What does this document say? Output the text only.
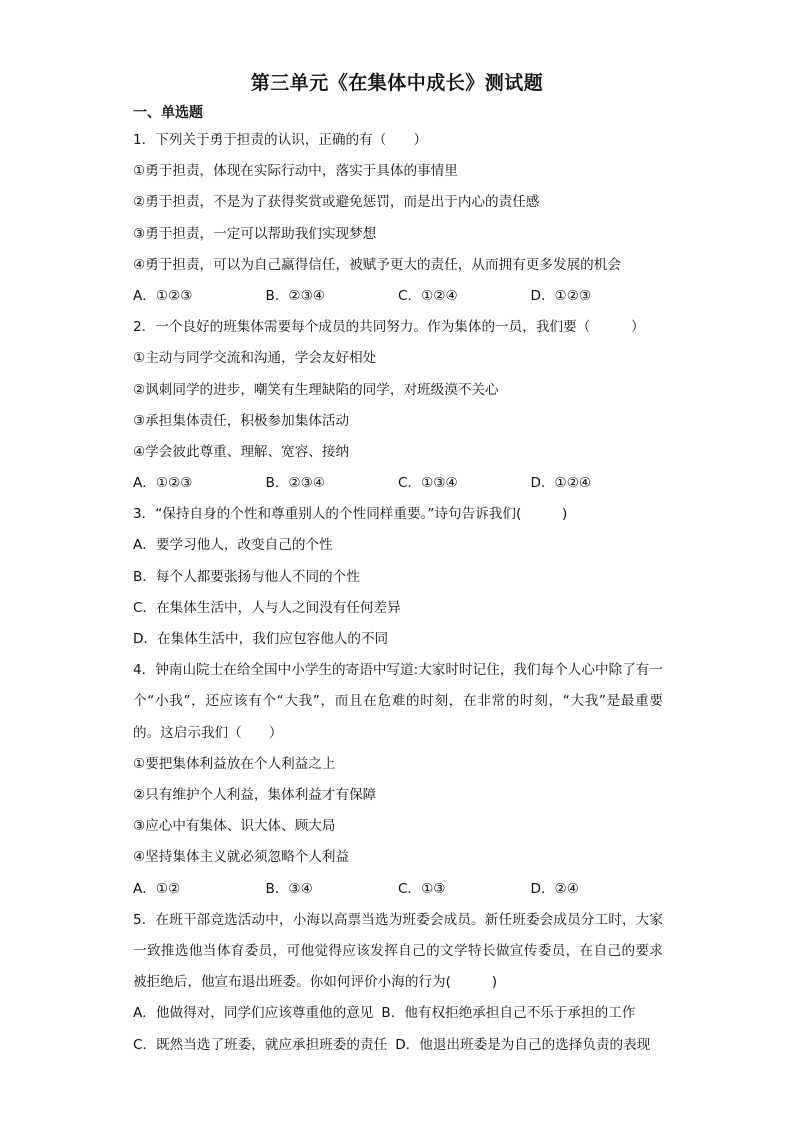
第三单元《在集体中成长》测试题
一、单选题
1．下列关于勇于担责的认识，正确的有（　　）
①勇于担责，体现在实际行动中，落实于具体的事情里
②勇于担责，不是为了获得奖赏或避免惩罚，而是出于内心的责任感
③勇于担责，一定可以帮助我们实现梦想
④勇于担责，可以为自己赢得信任，被赋予更大的责任，从而拥有更多发展的机会
A．①②③	B．②③④	C．①②④	D．①②③
2．一个良好的班集体需要每个成员的共同努力。作为集体的一员，我们要（　　　）
①主动与同学交流和沟通，学会友好相处
②讽刺同学的进步，嘲笑有生理缺陷的同学，对班级漠不关心
③承担集体责任，积极参加集体活动
④学会彼此尊重、理解、宽容、接纳
A．①②③	B．②③④	C．①③④	D．①②④
3．“保持自身的个性和尊重别人的个性同样重要。”诗句告诉我们(　　　)
A．要学习他人，改变自己的个性
B．每个人都要张扬与他人不同的个性
C．在集体生活中，人与人之间没有任何差异
D．在集体生活中，我们应包容他人的不同
4．钟南山院士在给全国中小学生的寄语中写道:大家时时记住，我们每个人心中除了有一个“小我”，还应该有个“大我”，而且在危难的时刻，在非常的时刻，“大我”是最重要的。这启示我们（　　）
①要把集体利益放在个人利益之上
②只有维护个人利益，集体利益才有保障
③应心中有集体、识大体、顾大局
④坚持集体主义就必须忽略个人利益
A．①②	B．③④	C．①③	D．②④
5．在班干部竞选活动中，小海以高票当选为班委会成员。新任班委会成员分工时，大家一致推选他当体育委员，可他觉得应该发挥自己的文学特长做宣传委员，在自己的要求被拒绝后，他宣布退出班委。你如何评价小海的行为(　　　)
A．他做得对，同学们应该尊重他的意见 B．他有权拒绝承担自己不乐于承担的工作
C．既然当选了班委，就应承担班委的责任 D．他退出班委是为自己的选择负责的表现
